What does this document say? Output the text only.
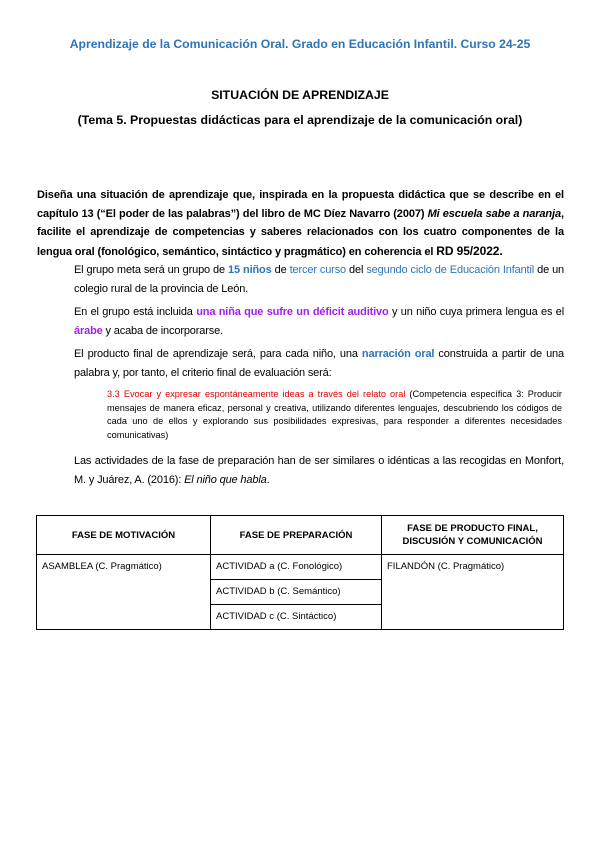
Aprendizaje de la Comunicación Oral. Grado en Educación Infantil. Curso 24-25
SITUACIÓN DE APRENDIZAJE
(Tema 5. Propuestas didácticas para el aprendizaje de la comunicación oral)
Diseña una situación de aprendizaje que, inspirada en la propuesta didáctica que se describe en el capítulo 13 (“El poder de las palabras”) del libro de MC Díez Navarro (2007) Mi escuela sabe a naranja, facilite el aprendizaje de competencias y saberes relacionados con los cuatro componentes de la lengua oral (fonológico, semántico, sintáctico y pragmático) en coherencia el RD 95/2022.
El grupo meta será un grupo de 15 niños de tercer curso del segundo ciclo de Educación Infantil de un colegio rural de la provincia de León.
En el grupo está incluida una niña que sufre un déficit auditivo y un niño cuya primera lengua es el árabe y acaba de incorporarse.
El producto final de aprendizaje será, para cada niño, una narración oral construida a partir de una palabra y, por tanto, el criterio final de evaluación será:
3.3 Evocar y expresar espontáneamente ideas a través del relato oral (Competencia específica 3: Producir mensajes de manera eficaz, personal y creativa, utilizando diferentes lenguajes, descubriendo los códigos de cada uno de ellos y explorando sus posibilidades expresivas, para responder a diferentes necesidades comunicativas)
Las actividades de la fase de preparación han de ser similares o idénticas a las recogidas en Monfort, M. y Juárez, A. (2016): El niño que habla.
FASE DE MOTIVACIÓN	FASE DE PREPARACIÓN	FASE DE PRODUCTO FINAL, DISCUSIÓN Y COMUNICACIÓN
ASAMBLEA (C. Pragmático)	ACTIVIDAD a (C. Fonológico)	FILANDÓN (C. Pragmático)
	ACTIVIDAD b (C. Semántico)	
	ACTIVIDAD c (C. Sintáctico)	
